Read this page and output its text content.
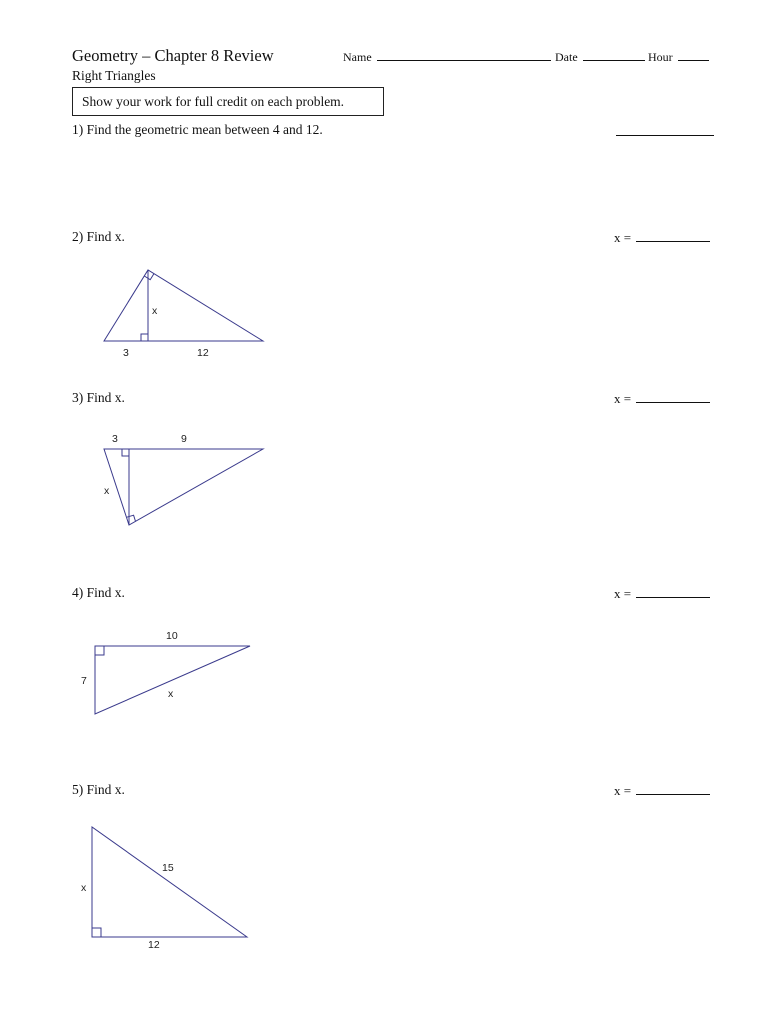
Geometry – Chapter 8 Review
Right Triangles
Name	Date	Hour
Show your work for full credit on each problem.
1) Find the geometric mean between 4 and 12.
2) Find x.	x =
3) Find x.	x =
4) Find x.	x =
5) Find x.	x =
x
3	12
3	9
x
10
7
x
15
x
12
